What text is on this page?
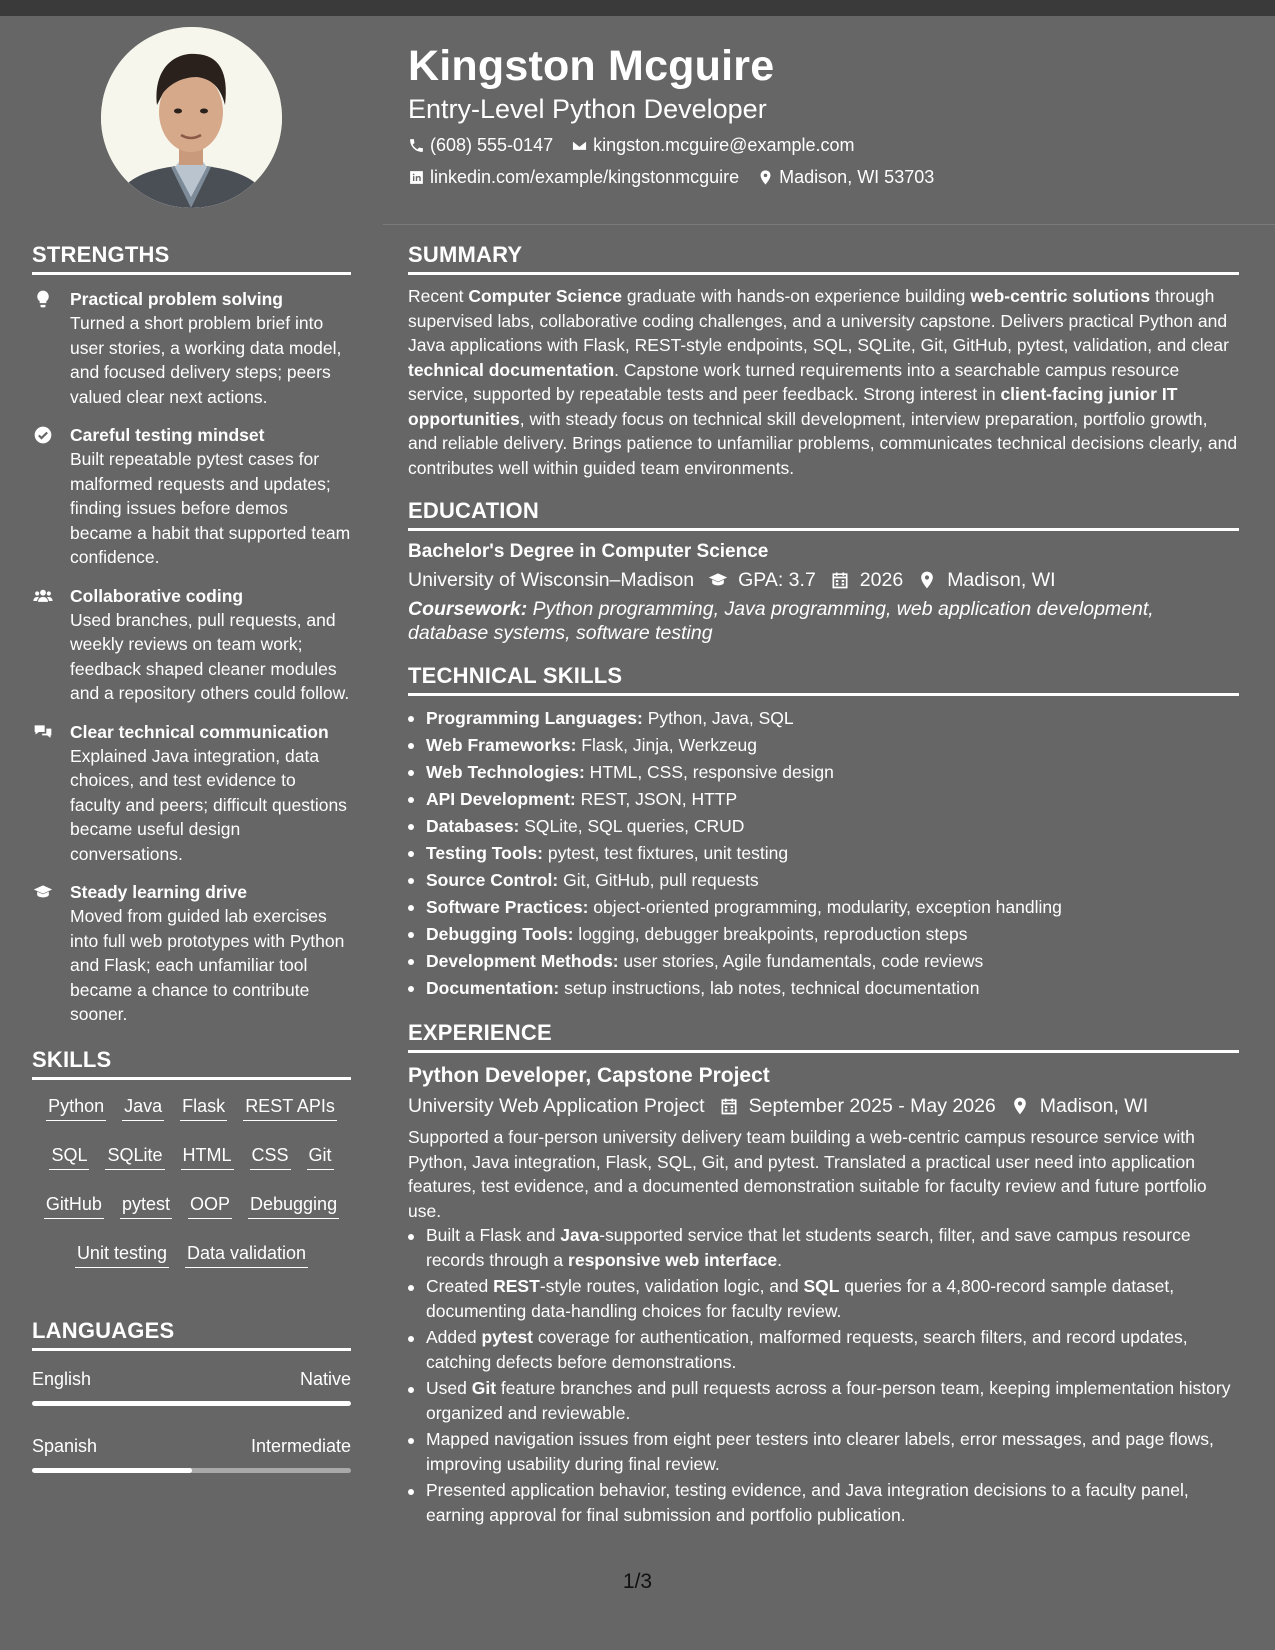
Kingston Mcguire
Entry-Level Python Developer
(608) 555-0147 kingston.mcguire@example.com
linkedin.com/example/kingstonmcguire Madison, WI 53703
STRENGTHS
Practical problem solving
Turned a short problem brief into user stories, a working data model, and focused delivery steps; peers valued clear next actions.
Careful testing mindset
Built repeatable pytest cases for malformed requests and updates; finding issues before demos became a habit that supported team confidence.
Collaborative coding
Used branches, pull requests, and weekly reviews on team work; feedback shaped cleaner modules and a repository others could follow.
Clear technical communication
Explained Java integration, data choices, and test evidence to faculty and peers; difficult questions became useful design conversations.
Steady learning drive
Moved from guided lab exercises into full web prototypes with Python and Flask; each unfamiliar tool became a chance to contribute sooner.
SKILLS
Python Java Flask REST APIs
SQL SQLite HTML CSS Git
GitHub pytest OOP Debugging
Unit testing Data validation
LANGUAGES
English	Native
Spanish	Intermediate
SUMMARY

Recent Computer Science graduate with hands-on experience building web-centric solutions through supervised labs, collaborative coding challenges, and a university capstone. Delivers practical Python and Java applications with Flask, REST-style endpoints, SQL, SQLite, Git, GitHub, pytest, validation, and clear technical documentation. Capstone work turned requirements into a searchable campus resource service, supported by repeatable tests and peer feedback. Strong interest in client-facing junior IT opportunities, with steady focus on technical skill development, interview preparation, portfolio growth, and reliable delivery. Brings patience to unfamiliar problems, communicates technical decisions clearly, and contributes well within guided team environments.

EDUCATION
Bachelor's Degree in Computer Science
University of Wisconsin–Madison GPA: 3.7 2026 Madison, WI
Coursework: Python programming, Java programming, web application development, database systems, software testing
TECHNICAL SKILLS
Programming Languages: Python, Java, SQL
Web Frameworks: Flask, Jinja, Werkzeug
Web Technologies: HTML, CSS, responsive design
API Development: REST, JSON, HTTP
Databases: SQLite, SQL queries, CRUD
Testing Tools: pytest, test fixtures, unit testing
Source Control: Git, GitHub, pull requests
Software Practices: object-oriented programming, modularity, exception handling
Debugging Tools: logging, debugger breakpoints, reproduction steps
Development Methods: user stories, Agile fundamentals, code reviews
Documentation: setup instructions, lab notes, technical documentation
EXPERIENCE
Python Developer, Capstone Project
University Web Application Project September 2025 - May 2026 Madison, WI

Supported a four-person university delivery team building a web-centric campus resource service with Python, Java integration, Flask, SQL, Git, and pytest. Translated a practical user need into application features, test evidence, and a documented demonstration suitable for faculty review and future portfolio use.

Built a Flask and Java-supported service that let students search, filter, and save campus resource records through a responsive web interface.
Created REST-style routes, validation logic, and SQL queries for a 4,800-record sample dataset, documenting data-handling choices for faculty review.
Added pytest coverage for authentication, malformed requests, search filters, and record updates, catching defects before demonstrations.
Used Git feature branches and pull requests across a four-person team, keeping implementation history organized and reviewable.
Mapped navigation issues from eight peer testers into clearer labels, error messages, and page flows, improving usability during final review.
Presented application behavior, testing evidence, and Java integration decisions to a faculty panel, earning approval for final submission and portfolio publication.
1/3
